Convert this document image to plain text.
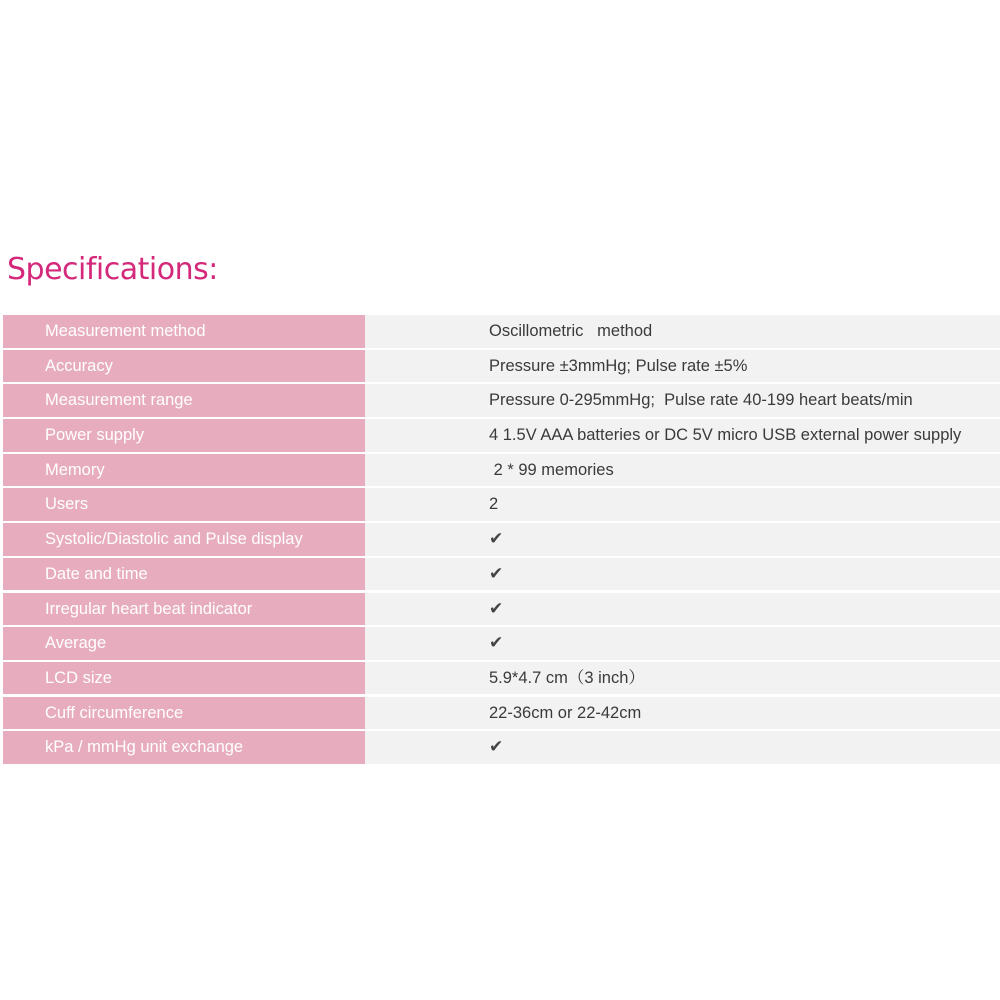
Specifications:
Measurement method	Oscillometric   method
Accuracy	Pressure ±3mmHg; Pulse rate ±5%
Measurement range	Pressure 0-295mmHg;  Pulse rate 40-199 heart beats/min
Power supply	4 1.5V AAA batteries or DC 5V micro USB external power supply
Memory	2 * 99 memories
Users	2
Systolic/Diastolic and Pulse display	✔
Date and time	✔
Irregular heart beat indicator	✔
Average	✔
LCD size	5.9*4.7 cm（3 inch）
Cuff circumference	22-36cm or 22-42cm
kPa / mmHg unit exchange	✔
